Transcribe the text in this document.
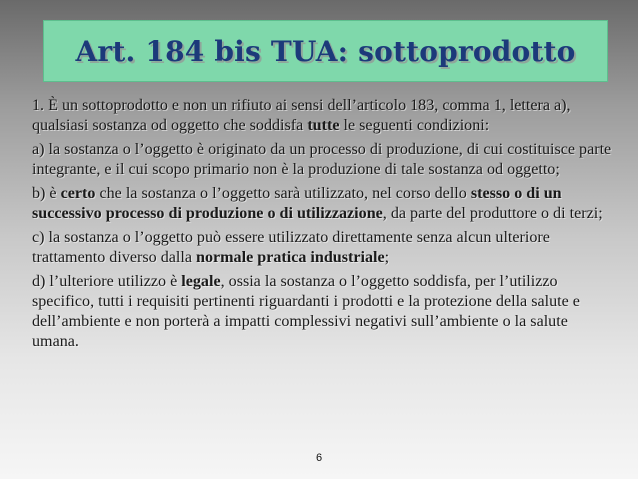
Art. 184 bis TUA: sottoprodotto

1. È un sottoprodotto e non un rifiuto ai sensi dell’articolo 183, comma 1, lettera a), qualsiasi sostanza od oggetto che soddisfa tutte le seguenti condizioni:

a) la sostanza o l’oggetto è originato da un processo di produzione, di cui costituisce parte integrante, e il cui scopo primario non è la produzione di tale sostanza od oggetto;

b) è certo che la sostanza o l’oggetto sarà utilizzato, nel corso dello stesso o di un successivo processo di produzione o di utilizzazione, da parte del produttore o di terzi;

c) la sostanza o l’oggetto può essere utilizzato direttamente senza alcun ulteriore trattamento diverso dalla normale pratica industriale;

d) l’ulteriore utilizzo è legale, ossia la sostanza o l’oggetto soddisfa, per l’utilizzo specifico, tutti i requisiti pertinenti riguardanti i prodotti e la protezione della salute e dell’ambiente e non porterà a impatti complessivi negativi sull’ambiente o la salute umana.

6
